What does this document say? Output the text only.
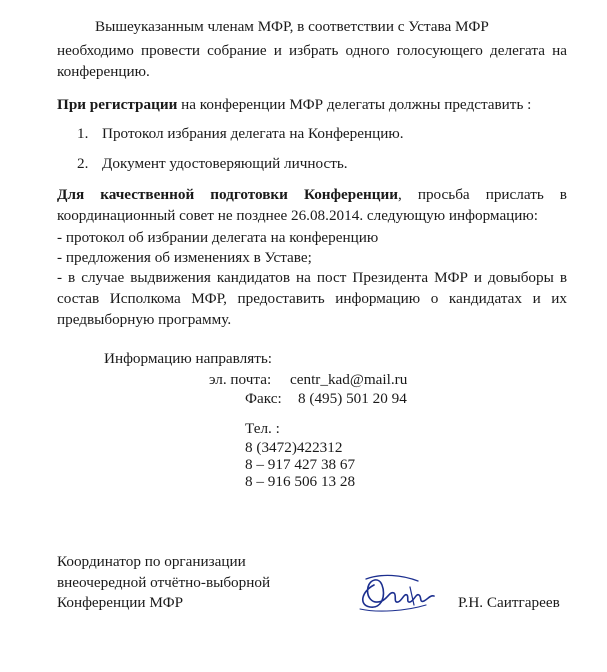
Вышеуказанным членам МФР, в соответствии с Устава МФР
необходимо провести собрание и избрать одного голосующего делегата на
конференцию.
При регистрации на конференции МФР делегаты должны представить :
1. Протокол избрания делегата на Конференцию.
2. Документ удостоверяющий личность.
Для качественной подготовки Конференции, просьба прислать в
координационный совет не позднее 26.08.2014. следующую информацию:
- протокол об избрании делегата на конференцию
- предложения об изменениях в Уставе;
- в случае выдвижения кандидатов на пост Президента МФР и довыборы в
состав Исполкома МФР, предоставить информацию о кандидатах и их
предвыборную программу.
Информацию направлять:
эл. почта: centr_kad@mail.ru
Факс: 8 (495) 501 20 94
Тел. :
8 (3472)422312
8 – 917 427 38 67
8 – 916 506 13 28
Координатор по организации
внеочередной отчётно-выборной
Конференции МФР	Р.Н. Саитгареев
